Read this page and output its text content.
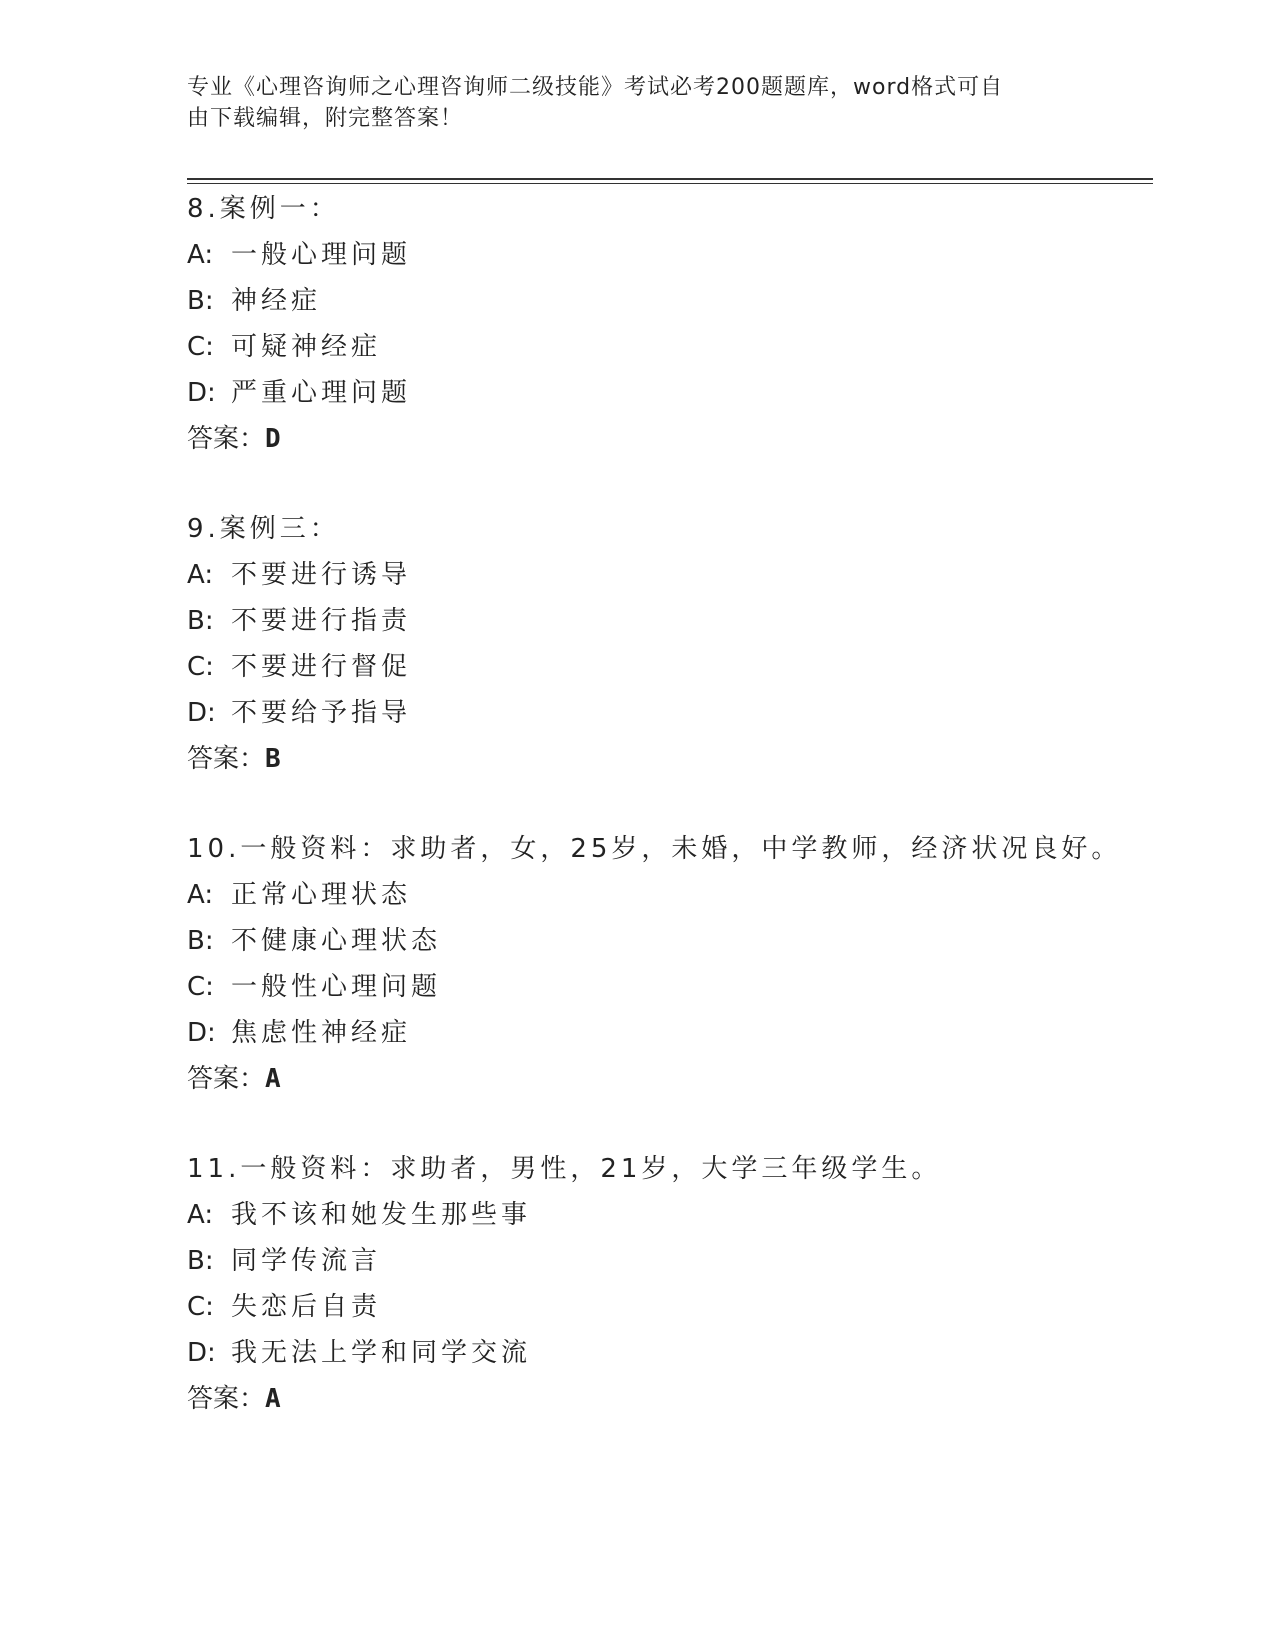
专业《心理咨询师之心理咨询师二级技能》考试必考200题题库，word格式可自
由下载编辑，附完整答案！
8.案例一：
A: 一般心理问题
B: 神经症
C: 可疑神经症
D: 严重心理问题
答案：D
9.案例三：
A: 不要进行诱导
B: 不要进行指责
C: 不要进行督促
D: 不要给予指导
答案：B
10.一般资料：求助者，女，25岁，未婚，中学教师，经济状况良好。
A: 正常心理状态
B: 不健康心理状态
C: 一般性心理问题
D: 焦虑性神经症
答案：A
11.一般资料：求助者，男性，21岁，大学三年级学生。
A: 我不该和她发生那些事
B: 同学传流言
C: 失恋后自责
D: 我无法上学和同学交流
答案：A
